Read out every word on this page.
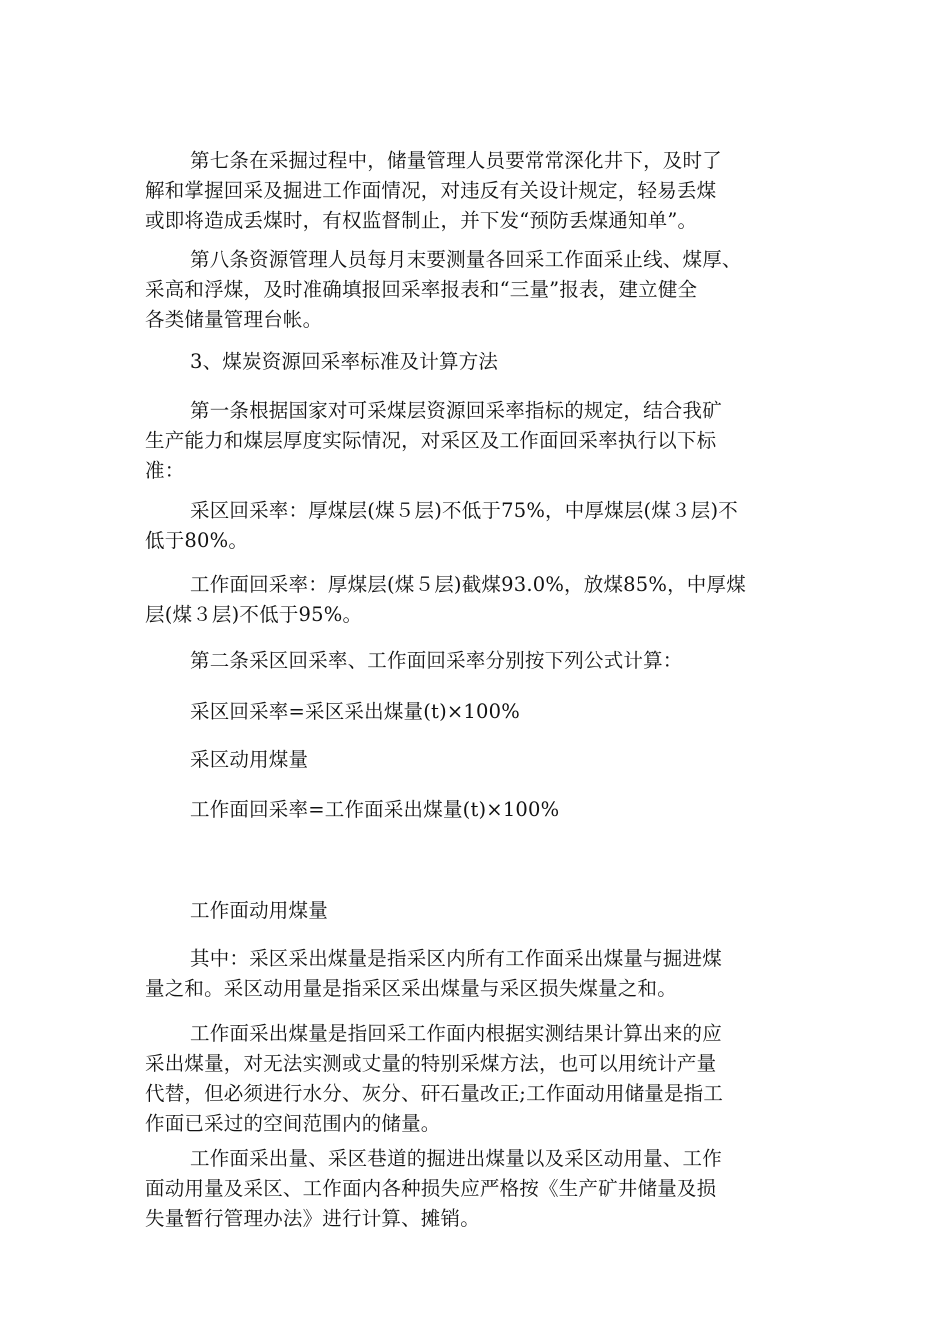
第七条在采掘过程中，储量管理人员要常常深化井下，及时了
解和掌握回采及掘进工作面情况，对违反有关设计规定，轻易丢煤
或即将造成丢煤时，有权监督制止，并下发“预防丢煤通知单”。
第八条资源管理人员每月末要测量各回采工作面采止线、煤厚、
采高和浮煤，及时准确填报回采率报表和“三量”报表，建立健全
各类储量管理台帐。
3、煤炭资源回采率标准及计算方法
第一条根据国家对可采煤层资源回采率指标的规定，结合我矿
生产能力和煤层厚度实际情况，对采区及工作面回采率执行以下标
准：
采区回采率：厚煤层(煤５层)不低于75%，中厚煤层(煤３层)不
低于80%。
工作面回采率：厚煤层(煤５层)截煤93.0%，放煤85%，中厚煤
层(煤３层)不低于95%。
第二条采区回采率、工作面回采率分别按下列公式计算：
采区回采率=采区采出煤量(t)×100%
采区动用煤量
工作面回采率=工作面采出煤量(t)×100%
工作面动用煤量
其中：采区采出煤量是指采区内所有工作面采出煤量与掘进煤
量之和。采区动用量是指采区采出煤量与采区损失煤量之和。
工作面采出煤量是指回采工作面内根据实测结果计算出来的应
采出煤量，对无法实测或丈量的特别采煤方法，也可以用统计产量
代替，但必须进行水分、灰分、矸石量改正;工作面动用储量是指工
作面已采过的空间范围内的储量。
工作面采出量、采区巷道的掘进出煤量以及采区动用量、工作
面动用量及采区、工作面内各种损失应严格按《生产矿井储量及损
失量暂行管理办法》进行计算、摊销。
